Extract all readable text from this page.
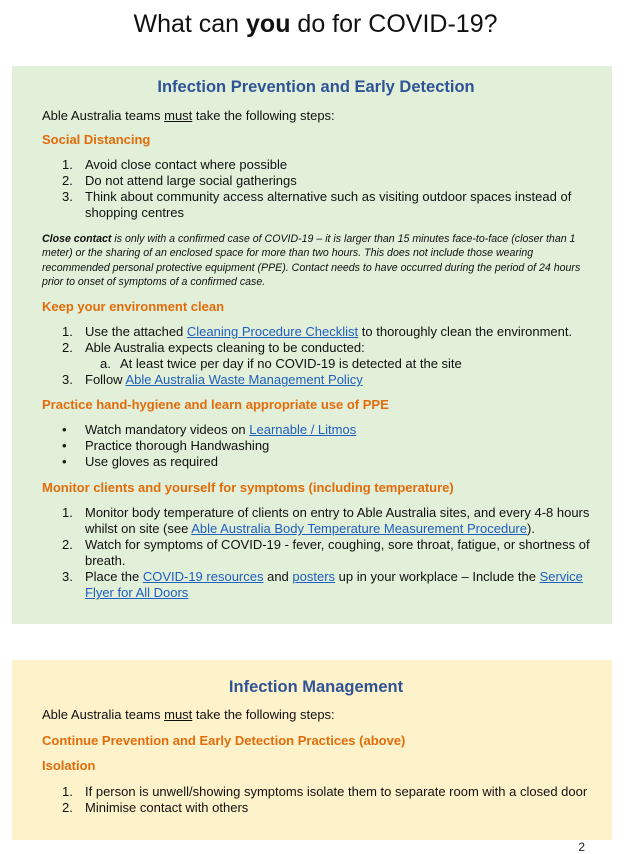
What can you do for COVID-19?
Infection Prevention and Early Detection
Able Australia teams must take the following steps:
Social Distancing
1. Avoid close contact where possible
2. Do not attend large social gatherings
3. Think about community access alternative such as visiting outdoor spaces instead of shopping centres
Close contact is only with a confirmed case of COVID-19 – it is larger than 15 minutes face-to-face (closer than 1 meter) or the sharing of an enclosed space for more than two hours. This does not include those wearing recommended personal protective equipment (PPE). Contact needs to have occurred during the period of 24 hours prior to onset of symptoms of a confirmed case.
Keep your environment clean
1. Use the attached Cleaning Procedure Checklist to thoroughly clean the environment.
2. Able Australia expects cleaning to be conducted:
a. At least twice per day if no COVID-19 is detected at the site
3. Follow Able Australia Waste Management Policy
Practice hand-hygiene and learn appropriate use of PPE
• Watch mandatory videos on Learnable / Litmos
• Practice thorough Handwashing
• Use gloves as required
Monitor clients and yourself for symptoms (including temperature)
1. Monitor body temperature of clients on entry to Able Australia sites, and every 4-8 hours whilst on site (see Able Australia Body Temperature Measurement Procedure).
2. Watch for symptoms of COVID-19 - fever, coughing, sore throat, fatigue, or shortness of breath.
3. Place the COVID-19 resources and posters up in your workplace – Include the Service Flyer for All Doors
Infection Management
Able Australia teams must take the following steps:
Continue Prevention and Early Detection Practices (above)
Isolation
1. If person is unwell/showing symptoms isolate them to separate room with a closed door
2. Minimise contact with others
2
